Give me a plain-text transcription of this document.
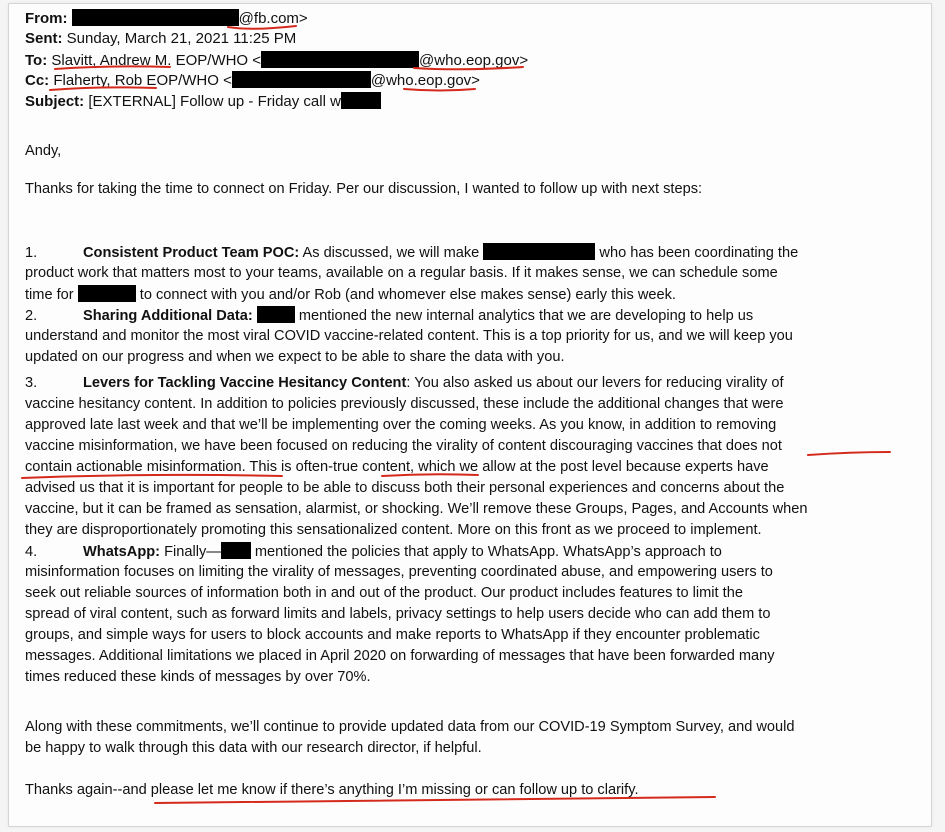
From:	@fb.com>
Sent: Sunday, March 21, 2021 11:25 PM
To: Slavitt, Andrew M. EOP/WHO <	@who.eop.gov>
Cc: Flaherty, Rob EOP/WHO <	@who.eop.gov>
Subject: [EXTERNAL] Follow up - Friday call w
Andy,
Thanks for taking the time to connect on Friday. Per our discussion, I wanted to follow up with next steps:
1.	Consistent Product Team POC: As discussed, we will make	who has been coordinating the
product work that matters most to your teams, available on a regular basis. If it makes sense, we can schedule some
time for	to connect with you and/or Rob (and whomever else makes sense) early this week.
2.	Sharing Additional Data:	mentioned the new internal analytics that we are developing to help us
understand and monitor the most viral COVID vaccine-related content. This is a top priority for us, and we will keep you
updated on our progress and when we expect to be able to share the data with you.
3.	Levers for Tackling Vaccine Hesitancy Content: You also asked us about our levers for reducing virality of
vaccine hesitancy content. In addition to policies previously discussed, these include the additional changes that were
approved late last week and that we’ll be implementing over the coming weeks. As you know, in addition to removing
vaccine misinformation, we have been focused on reducing the virality of content discouraging vaccines that does not
contain actionable misinformation. This is often-true content, which we allow at the post level because experts have
advised us that it is important for people to be able to discuss both their personal experiences and concerns about the
vaccine, but it can be framed as sensation, alarmist, or shocking. We’ll remove these Groups, Pages, and Accounts when
they are disproportionately promoting this sensationalized content. More on this front as we proceed to implement.
4.	WhatsApp: Finally— mentioned the policies that apply to WhatsApp. WhatsApp’s approach to
misinformation focuses on limiting the virality of messages, preventing coordinated abuse, and empowering users to
seek out reliable sources of information both in and out of the product. Our product includes features to limit the
spread of viral content, such as forward limits and labels, privacy settings to help users decide who can add them to
groups, and simple ways for users to block accounts and make reports to WhatsApp if they encounter problematic
messages. Additional limitations we placed in April 2020 on forwarding of messages that have been forwarded many
times reduced these kinds of messages by over 70%.
Along with these commitments, we’ll continue to provide updated data from our COVID-19 Symptom Survey, and would
be happy to walk through this data with our research director, if helpful.
Thanks again--and please let me know if there’s anything I’m missing or can follow up to clarify.
